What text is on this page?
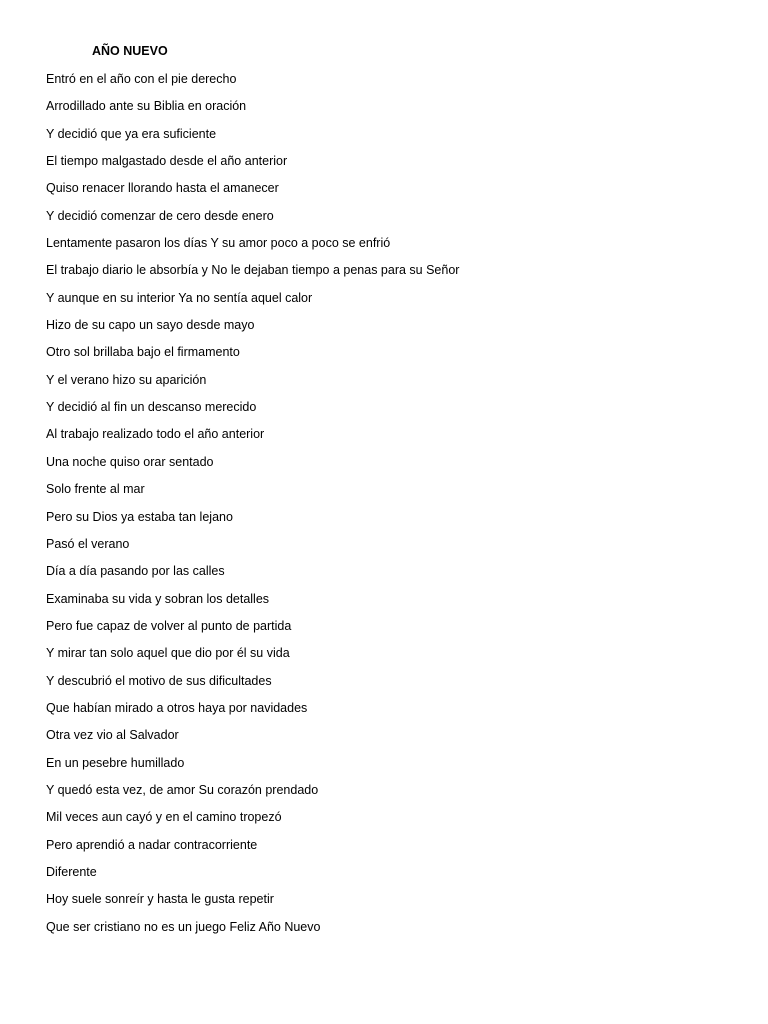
AÑO NUEVO
Entró en el año con el pie derecho
Arrodillado ante su Biblia en oración
Y decidió que ya era suficiente
El tiempo malgastado desde el año anterior
Quiso renacer llorando hasta el amanecer
Y decidió comenzar de cero desde enero
Lentamente pasaron los días Y su amor poco a poco se enfrió
El trabajo diario le absorbía y No le dejaban tiempo a penas para su Señor
Y aunque en su interior Ya no sentía aquel calor
Hizo de su capo un sayo desde mayo
Otro sol brillaba bajo el firmamento
Y el verano hizo su aparición
Y decidió al fin un descanso merecido
Al trabajo realizado todo el año anterior
Una noche quiso orar sentado
Solo frente al mar
Pero su Dios ya estaba tan lejano
Pasó el verano
Día a día pasando por las calles
Examinaba su vida y sobran los detalles
Pero fue capaz de volver al punto de partida
Y mirar tan solo aquel que dio por él su vida
Y descubrió el motivo de sus dificultades
Que habían mirado a otros haya por navidades
Otra vez vio al Salvador
En un pesebre humillado
Y quedó esta vez, de amor Su corazón prendado
Mil veces aun cayó y en el camino tropezó
Pero aprendió a nadar contracorriente
Diferente
Hoy suele sonreír y hasta le gusta repetir
Que ser cristiano no es un juego Feliz Año Nuevo
